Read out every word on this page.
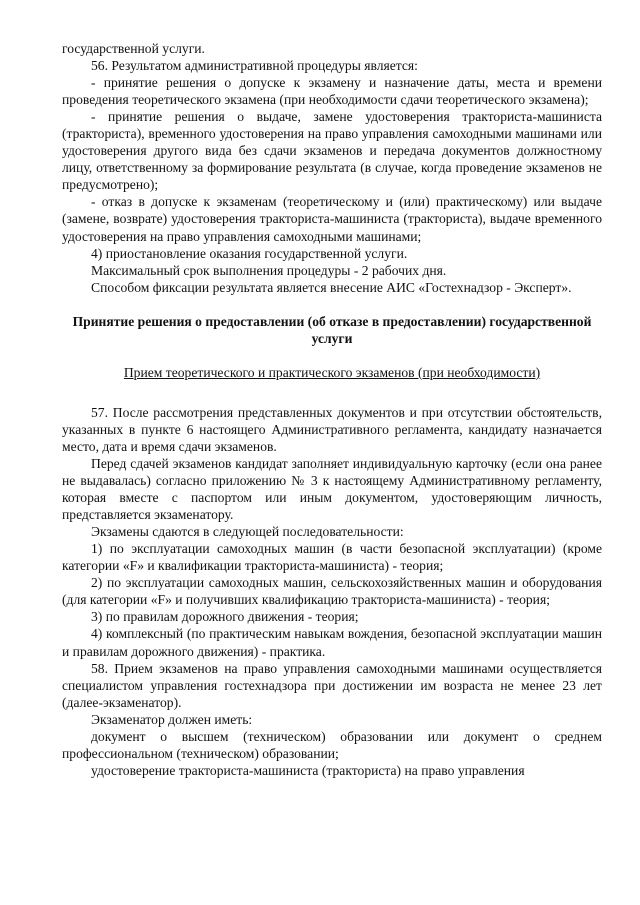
государственной услуги.

56. Результатом административной процедуры является:

- принятие решения о допуске к экзамену и назначение даты, места и времени проведения теоретического экзамена (при необходимости сдачи теоретического экзамена);

- принятие решения о выдаче, замене удостоверения тракториста-машиниста (тракториста), временного удостоверения на право управления самоходными машинами или удостоверения другого вида без сдачи экзаменов и передача документов должностному лицу, ответственному за формирование результата (в случае, когда проведение экзаменов не предусмотрено);

- отказ в допуске к экзаменам (теоретическому и (или) практическому) или выдаче (замене, возврате) удостоверения тракториста-машиниста (тракториста), выдаче временного удостоверения на право управления самоходными машинами;

4) приостановление оказания государственной услуги.

Максимальный срок выполнения процедуры - 2 рабочих дня.

Способом фиксации результата является внесение АИС «Гостехнадзор - Эксперт».

Принятие решения о предоставлении (об отказе в предоставлении) государственной услуги

Прием теоретического и практического экзаменов (при необходимости)

57. После рассмотрения представленных документов и при отсутствии обстоятельств, указанных в пункте 6 настоящего Административного регламента, кандидату назначается место, дата и время сдачи экзаменов.

Перед сдачей экзаменов кандидат заполняет индивидуальную карточку (если она ранее не выдавалась) согласно приложению № 3 к настоящему Административному регламенту, которая вместе с паспортом или иным документом, удостоверяющим личность, представляется экзаменатору.

Экзамены сдаются в следующей последовательности:

1) по эксплуатации самоходных машин (в части безопасной эксплуатации) (кроме категории «F» и квалификации тракториста-машиниста) - теория;

2) по эксплуатации самоходных машин, сельскохозяйственных машин и оборудования (для категории «F» и получивших квалификацию тракториста-машиниста) - теория;

3) по правилам дорожного движения - теория;

4) комплексный (по практическим навыкам вождения, безопасной эксплуатации машин и правилам дорожного движения) - практика.

58. Прием экзаменов на право управления самоходными машинами осуществляется специалистом управления гостехнадзора при достижении им возраста не менее 23 лет (далее-экзаменатор).

Экзаменатор должен иметь:

документ о высшем (техническом) образовании или документ о среднем профессиональном (техническом) образовании;

удостоверение тракториста-машиниста (тракториста) на право управления
